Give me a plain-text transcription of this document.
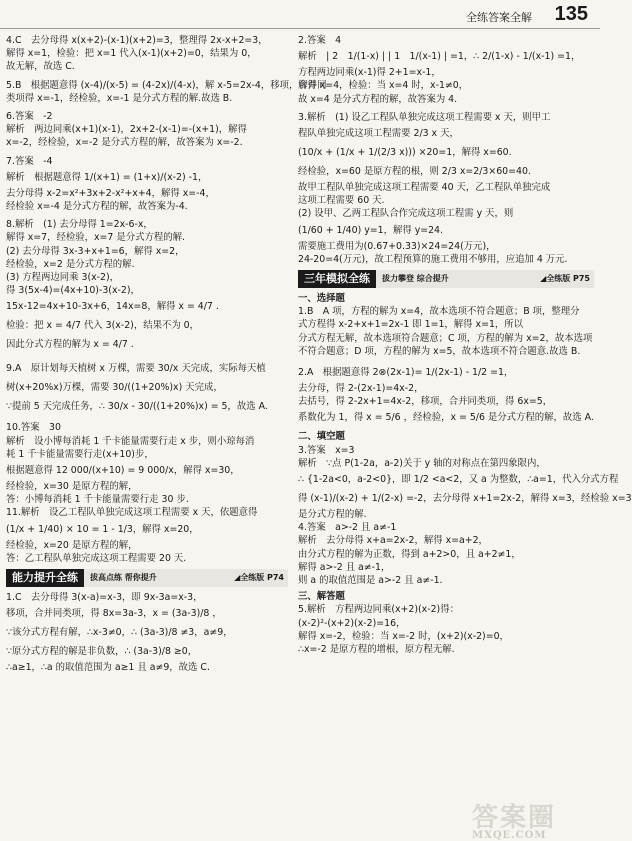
全练答案全解 135
4.C　去分母得 x(x+2)-(x-1)(x+2)=3，整理得 2x-x+2=3，
解得 x=1，检验：把 x=1 代入(x-1)(x+2)=0，结果为 0，
故无解，故选 C.
5.B　根据题意得 (x-4)/(x-5) = (4-2x)/(4-x)，解 x-5=2x-4，移项，合并同
类项得 x=-1，经检验，x=-1 是分式方程的解.故选 B.
6.答案　-2
解析　两边同乘(x+1)(x-1)，2x+2-(x-1)=-(x+1)，解得
x=-2，经检验，x=-2 是分式方程的解，故答案为 x=-2.
7.答案　-4
解析　根据题意得 1/(x+1) = (1+x)/(x-2) -1，
去分母得 x-2=x²+3x+2-x²+x+4，解得 x=-4，
经检验 x=-4 是分式方程的解，故答案为-4.
8.解析　(1) 去分母得 1=2x-6-x，
解得 x=7，经检验，x=7 是分式方程的解.
(2) 去分母得 3x-3+x+1=6，解得 x=2，
经检验，x=2 是分式方程的解.
(3) 方程两边同乘 3(x-2)，
得 3(5x-4)=(4x+10)-3(x-2)，
15x-12=4x+10-3x+6，14x=8，解得 x = 4/7 .
检验：把 x = 4/7 代入 3(x-2)，结果不为 0，
因此分式方程的解为 x = 4/7 .
9.A　原计划每天植树 x 万棵，需要 30/x 天完成，实际每天植
树(x+20%x)万棵，需要 30/((1+20%)x) 天完成，
∵提前 5 天完成任务，∴ 30/x - 30/((1+20%)x) = 5，故选 A.
10.答案　30
解析　设小博每消耗 1 千卡能量需要行走 x 步，则小琼每消
耗 1 千卡能量需要行走(x+10)步，
根据题意得 12 000/(x+10) = 9 000/x，解得 x=30，
经检验，x=30 是原方程的解，
答：小博每消耗 1 千卡能量需要行走 30 步.
11.解析　设乙工程队单独完成这项工程需要 x 天，依题意得
(1/x + 1/40) × 10 = 1 - 1/3，解得 x=20，
经检验，x=20 是原方程的解，
答：乙工程队单独完成这项工程需要 20 天.
能力提升全练	拔高点练 帮你提升	◢全练版 P74
1.C　去分母得 3(x-a)=x-3，即 9x-3a=x-3，
移项，合并同类项，得 8x=3a-3，x = (3a-3)/8 ，
∵该分式方程有解，∴x-3≠0，∴ (3a-3)/8 ≠3，a≠9，
∵原分式方程的解是非负数，∴ (3a-3)/8 ≥0，
∴a≥1，∴a 的取值范围为 a≥1 且 a≠9，故选 C.
2.答案　4
解析　| 2　1/(1-x) | | 1　1/(x-1) | =1，∴ 2/(1-x) - 1/(x-1) =1，
方程两边同乘(x-1)得 2+1=x-1，
解得 x=4，检验：当 x=4 时，x-1≠0，
故 x=4 是分式方程的解，故答案为 4.
3.解析　(1) 设乙工程队单独完成这项工程需要 x 天，则甲工
程队单独完成这项工程需要 2/3 x 天，
(10/x + (1/x + 1/(2/3 x))) ×20=1，解得 x=60.
经检验，x=60 是原方程的根，则 2/3 x=2/3×60=40.
故甲工程队单独完成这项工程需要 40 天，乙工程队单独完成
这项工程需要 60 天.
(2) 设甲、乙两工程队合作完成这项工程需 y 天，则
(1/60 + 1/40) y=1，解得 y=24.
需要施工费用为(0.67+0.33)×24=24(万元)，
24-20=4(万元)，故工程预算的施工费用不够用，应追加 4 万元.
三年模拟全练	拔力攀登 综合提升	◢全练版 P75
一、选择题
1.B　A 项，方程的解为 x=4，故本选项不符合题意；B 项，整理分
式方程得 x-2+x+1=2x-1 即 1=1，解得 x=1，所以
分式方程无解，故本选项符合题意；C 项，方程的解为 x=2，故本选项
不符合题意；D 项，方程的解为 x=5，故本选项不符合题意.故选 B.
2.A　根据题意得 2⊗(2x-1)= 1/(2x-1) - 1/2 =1，
去分母，得 2-(2x-1)=4x-2，
去括号，得 2-2x+1=4x-2，移项，合并同类项，得 6x=5，
系数化为 1，得 x = 5/6 ，经检验，x = 5/6 是分式方程的解，故选 A.
二、填空题
3.答案　x=3
解析　∵点 P(1-2a，a-2)关于 y 轴的对称点在第四象限内，
∴ {1-2a<0，a-2<0}，即 1/2 <a<2，又 a 为整数，∴a=1，代入分式方程
得 (x-1)/(x-2) + 1/(2-x) =-2，去分母得 x+1=2x-2，解得 x=3，经检验 x=3
是分式方程的解.
4.答案　a>-2 且 a≠-1
解析　去分母得 x+a=2x-2，解得 x=a+2，
由分式方程的解为正数，得到 a+2>0，且 a+2≠1，
解得 a>-2 且 a≠-1，
则 a 的取值范围是 a>-2 且 a≠-1.
三、解答题
5.解析　方程两边同乘(x+2)(x-2)得：
(x-2)²-(x+2)(x-2)=16，
解得 x=-2，检验：当 x=-2 时，(x+2)(x-2)=0，
∴x=-2 是原方程的增根，原方程无解.
答案圈
MXQE.COM
